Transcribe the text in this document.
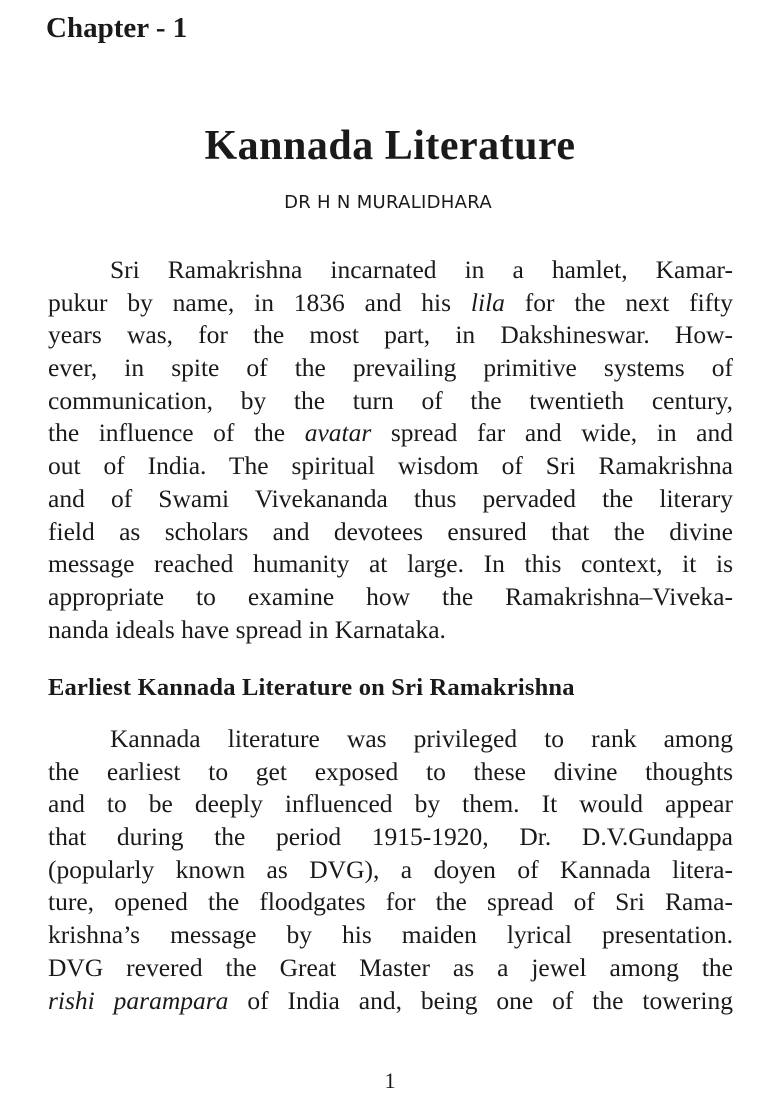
Chapter - 1
Kannada Literature
DR H N MURALIDHARA
Sri Ramakrishna incarnated in a hamlet, Kamar-
pukur by name, in 1836 and his lila for the next fifty
years was, for the most part, in Dakshineswar. How-
ever, in spite of the prevailing primitive systems of
communication, by the turn of the twentieth century,
the influence of the avatar spread far and wide, in and
out of India. The spiritual wisdom of Sri Ramakrishna
and of Swami Vivekananda thus pervaded the literary
field as scholars and devotees ensured that the divine
message reached humanity at large. In this context, it is
appropriate to examine how the Ramakrishna–Viveka-
nanda ideals have spread in Karnataka.
Earliest Kannada Literature on Sri Ramakrishna
Kannada literature was privileged to rank among
the earliest to get exposed to these divine thoughts
and to be deeply influenced by them. It would appear
that during the period 1915-1920, Dr. D.V.Gundappa
(popularly known as DVG), a doyen of Kannada litera-
ture, opened the floodgates for the spread of Sri Rama-
krishna’s message by his maiden lyrical presentation.
DVG revered the Great Master as a jewel among the
rishi parampara of India and, being one of the towering
1
